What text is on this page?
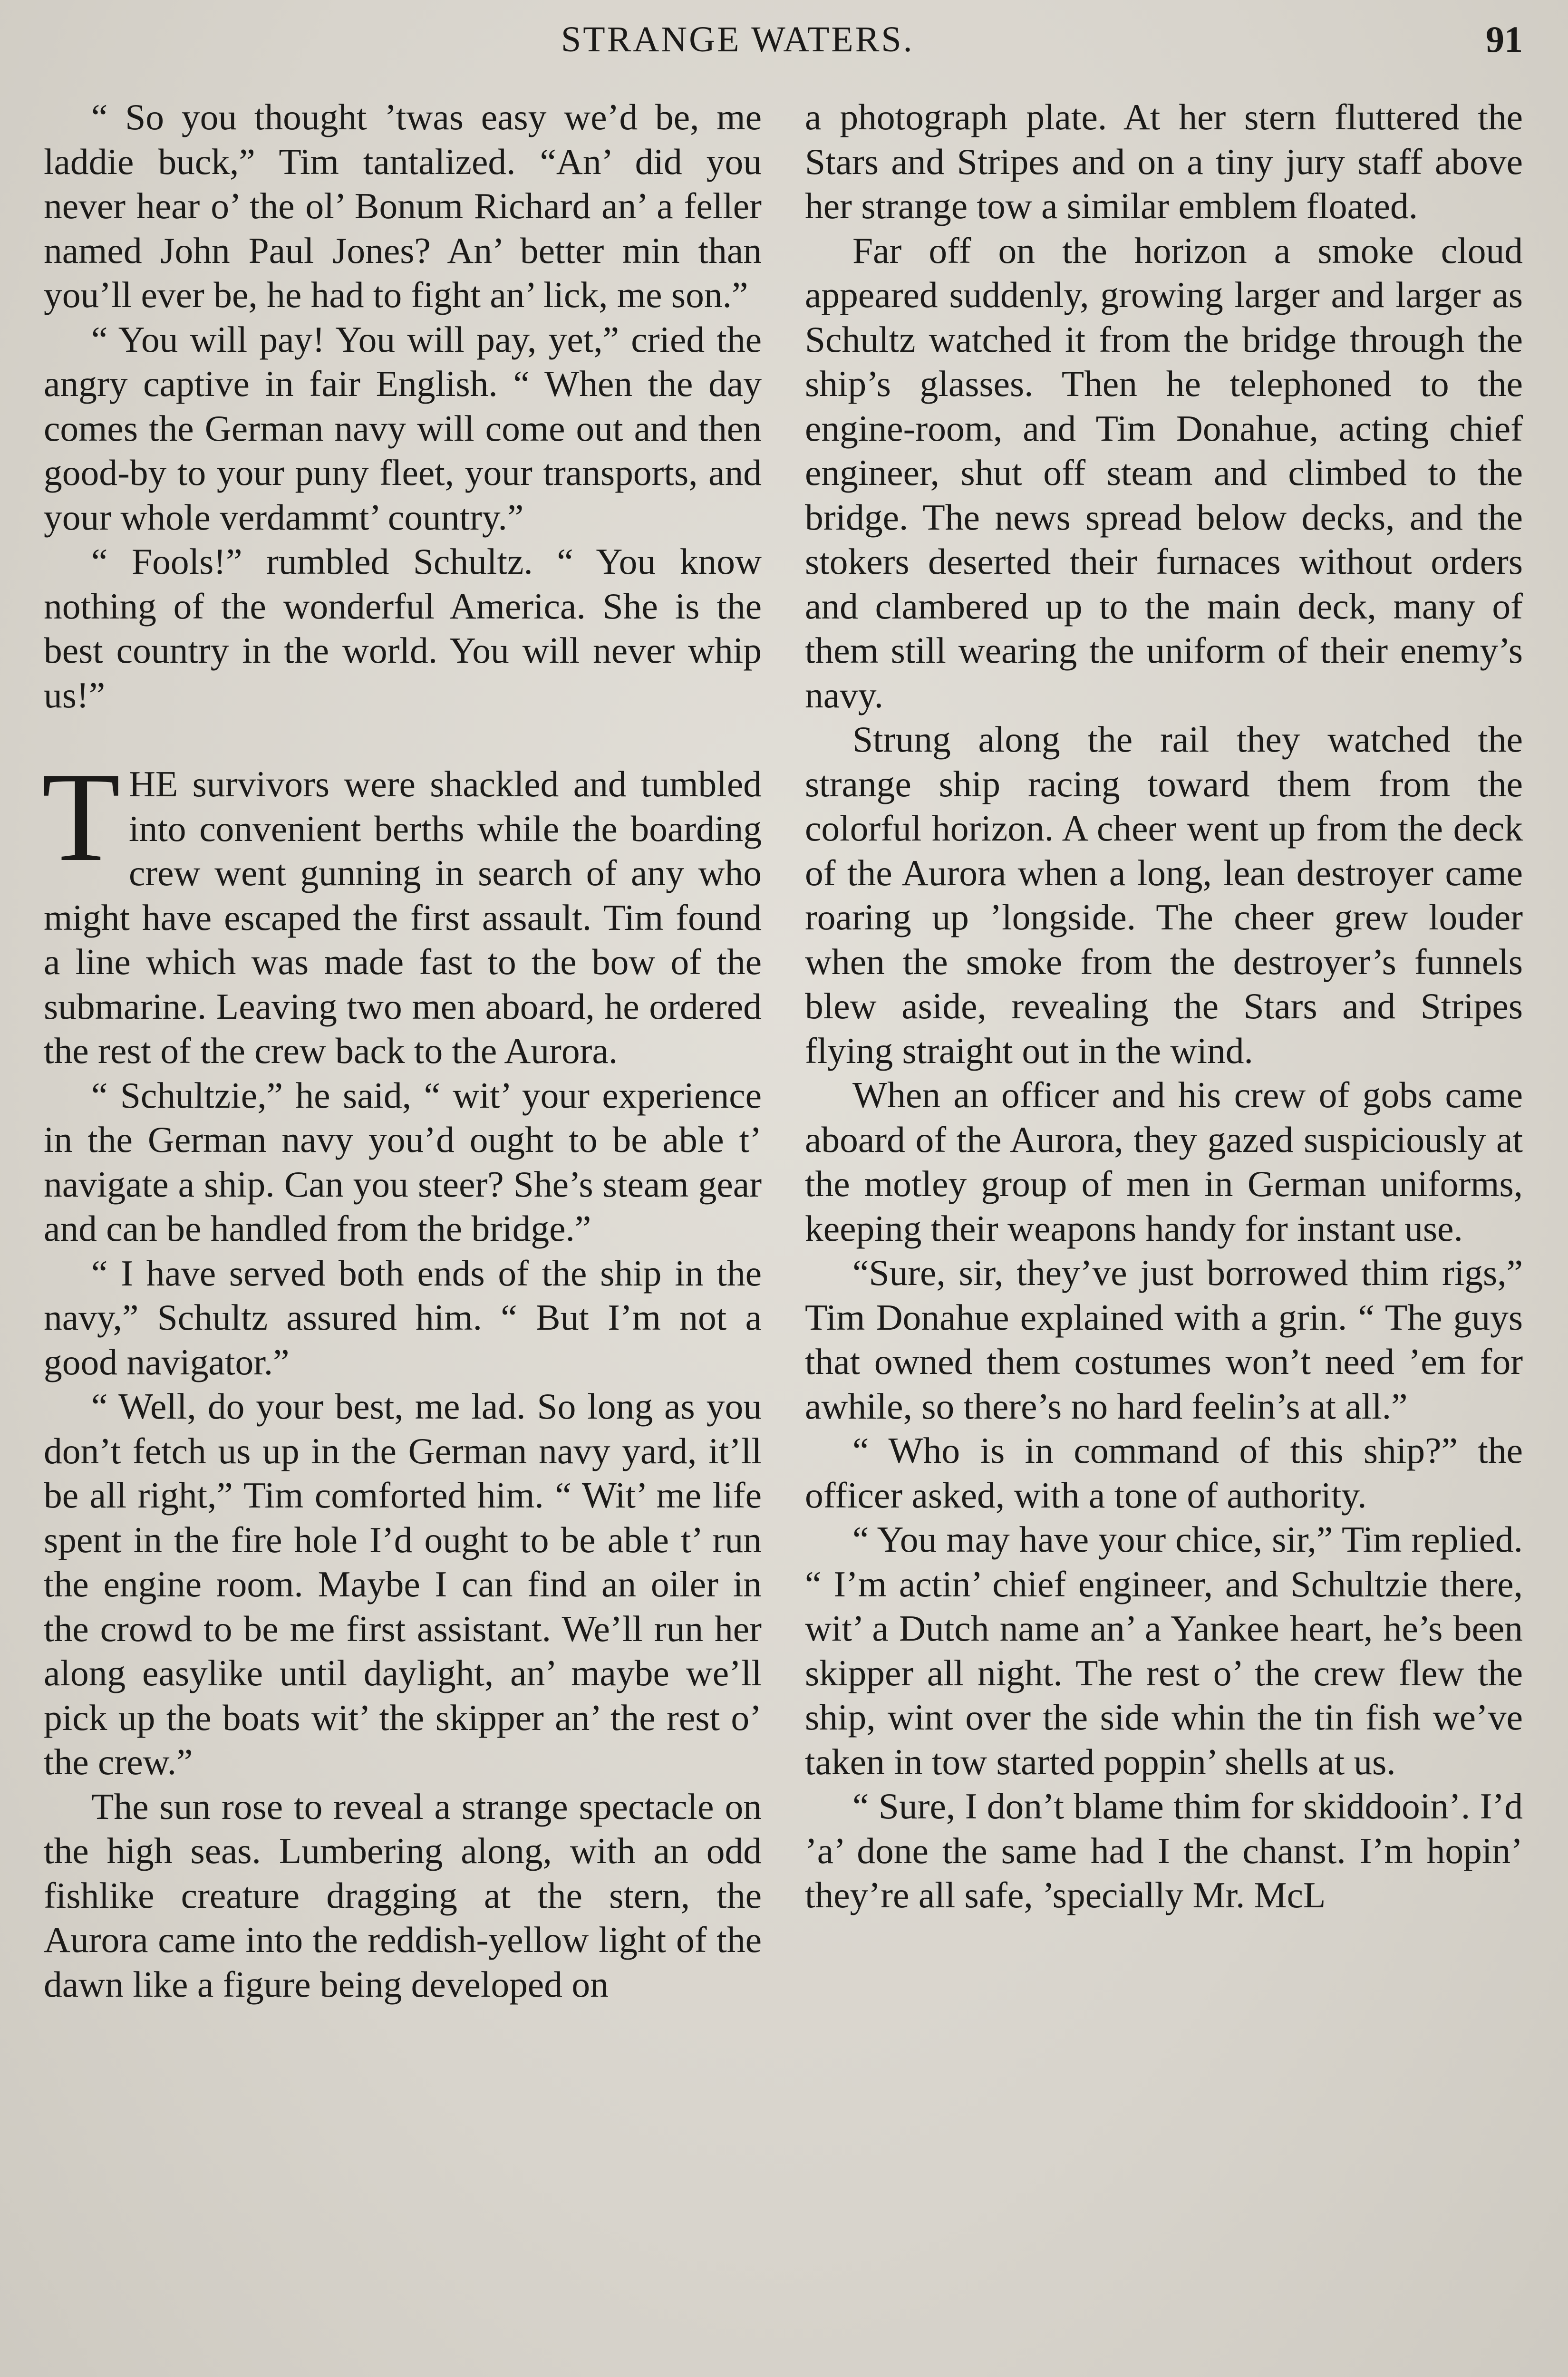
STRANGE WATERS.	91

“ So you thought ’twas easy we’d be, me laddie buck,” Tim tantalized. “An’ did you never hear o’ the ol’ Bonum Richard an’ a feller named John Paul Jones? An’ better min than you’ll ever be, he had to fight an’ lick, me son.”

“ You will pay! You will pay, yet,” cried the angry captive in fair English. “ When the day comes the German navy will come out and then good-by to your puny fleet, your transports, and your whole verdammt’ country.”

“ Fools!” rumbled Schultz. “ You know nothing of the wonderful America. She is the best country in the world. You will never whip us!”

THE survivors were shackled and tumbled into convenient berths while the boarding crew went gunning in search of any who might have escaped the first assault. Tim found a line which was made fast to the bow of the submarine. Leaving two men aboard, he ordered the rest of the crew back to the Aurora.

“ Schultzie,” he said, “ wit’ your experience in the German navy you’d ought to be able t’ navigate a ship. Can you steer? She’s steam gear and can be handled from the bridge.”

“ I have served both ends of the ship in the navy,” Schultz assured him. “ But I’m not a good navigator.”

“ Well, do your best, me lad. So long as you don’t fetch us up in the German navy yard, it’ll be all right,” Tim comforted him. “ Wit’ me life spent in the fire hole I’d ought to be able t’ run the engine room. Maybe I can find an oiler in the crowd to be me first assistant. We’ll run her along easylike until daylight, an’ maybe we’ll pick up the boats wit’ the skipper an’ the rest o’ the crew.”

The sun rose to reveal a strange spectacle on the high seas. Lumbering along, with an odd fishlike creature dragging at the stern, the Aurora came into the reddish-yellow light of the dawn like a figure being developed on

a photograph plate. At her stern fluttered the Stars and Stripes and on a tiny jury staff above her strange tow a similar emblem floated.

Far off on the horizon a smoke cloud appeared suddenly, growing larger and larger as Schultz watched it from the bridge through the ship’s glasses. Then he telephoned to the engine-room, and Tim Donahue, acting chief engineer, shut off steam and climbed to the bridge. The news spread below decks, and the stokers deserted their furnaces without orders and clambered up to the main deck, many of them still wearing the uniform of their enemy’s navy.

Strung along the rail they watched the strange ship racing toward them from the colorful horizon. A cheer went up from the deck of the Aurora when a long, lean destroyer came roaring up ’longside. The cheer grew louder when the smoke from the destroyer’s funnels blew aside, revealing the Stars and Stripes flying straight out in the wind.

When an officer and his crew of gobs came aboard of the Aurora, they gazed suspiciously at the motley group of men in German uniforms, keeping their weapons handy for instant use.

“Sure, sir, they’ve just borrowed thim rigs,” Tim Donahue explained with a grin. “ The guys that owned them costumes won’t need ’em for awhile, so there’s no hard feelin’s at all.”

“ Who is in command of this ship?” the officer asked, with a tone of authority.

“ You may have your chice, sir,” Tim replied. “ I’m actin’ chief engineer, and Schultzie there, wit’ a Dutch name an’ a Yankee heart, he’s been skipper all night. The rest o’ the crew flew the ship, wint over the side whin the tin fish we’ve taken in tow started poppin’ shells at us.

“ Sure, I don’t blame thim for skiddooin’. I’d ’a’ done the same had I the chanst. I’m hopin’ they’re all safe, ’specially Mr. McL
